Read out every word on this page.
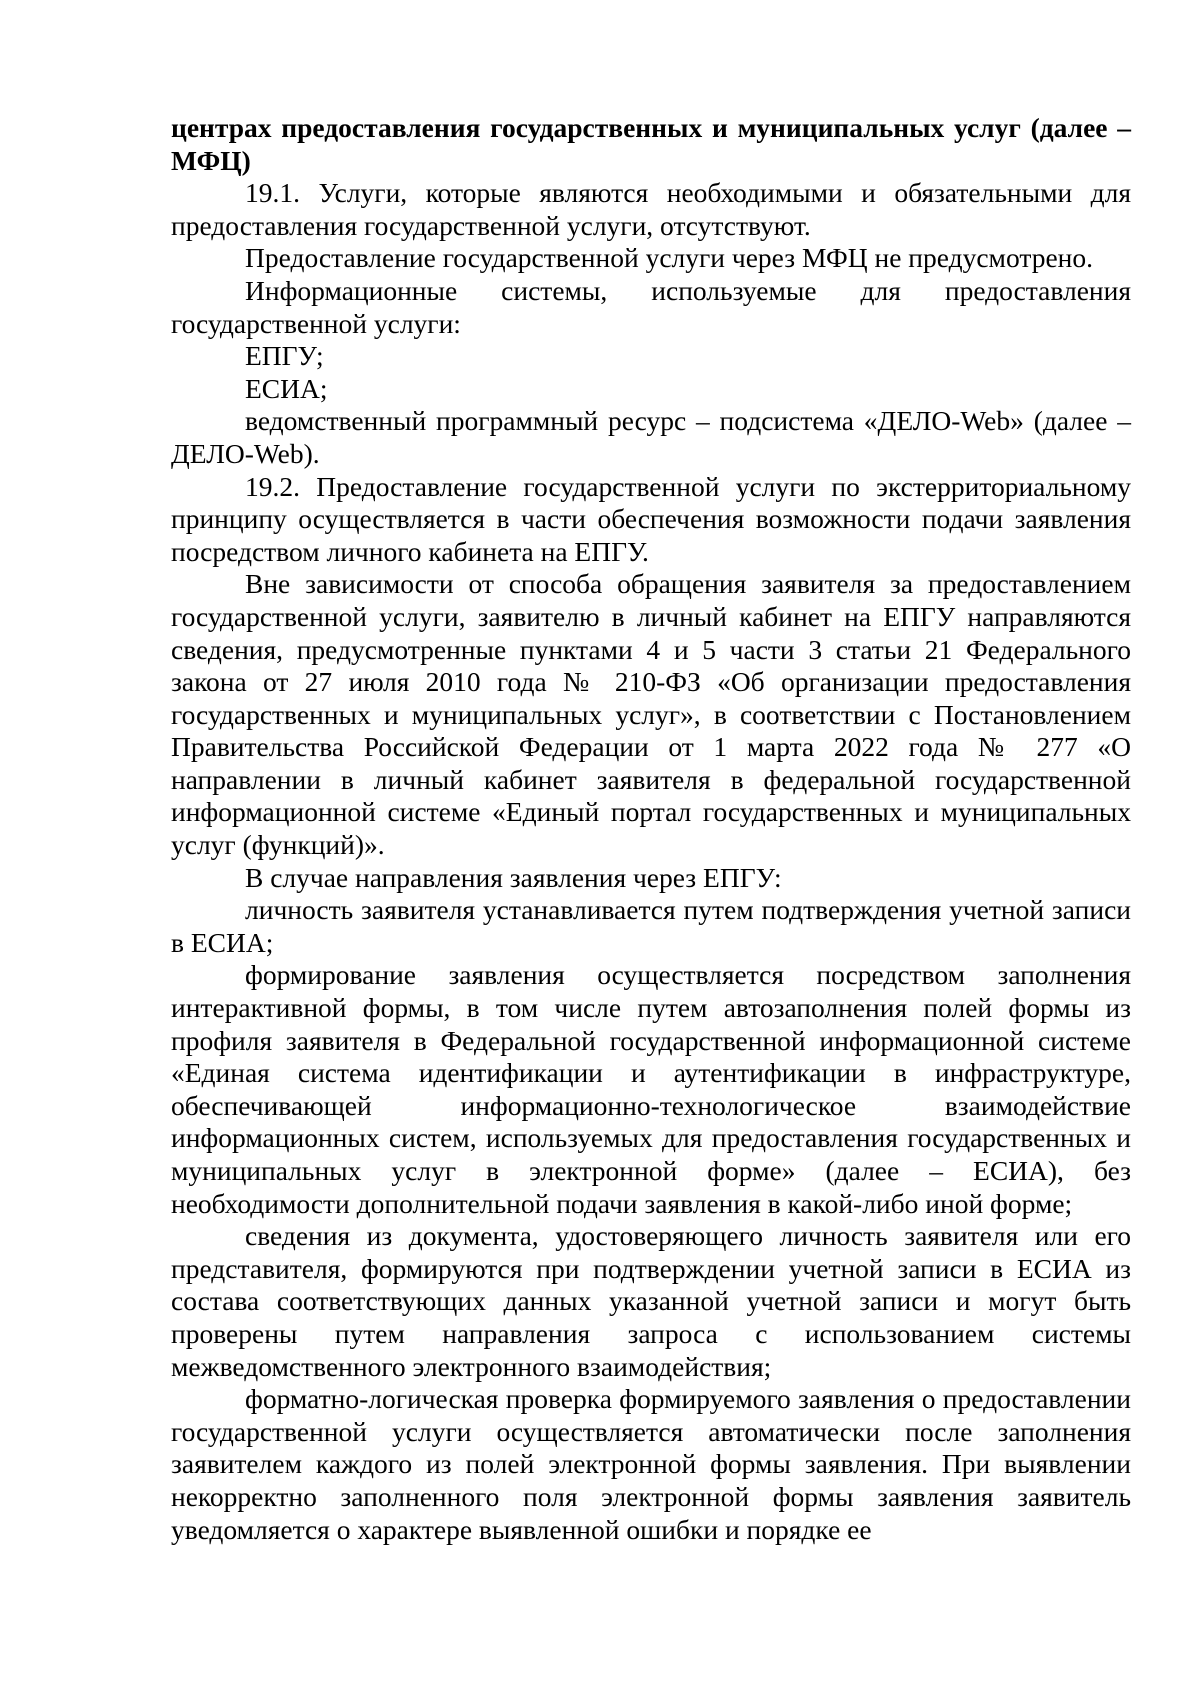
центрах предоставления государственных и муниципальных услуг (далее – МФЦ)

19.1. Услуги, которые являются необходимыми и обязательными для предоставления государственной услуги, отсутствуют.

Предоставление государственной услуги через МФЦ не предусмотрено.

Информационные системы, используемые для предоставления государственной услуги:

ЕПГУ;

ЕСИА;

ведомственный программный ресурс – подсистема «ДЕЛО-Web» (далее – ДЕЛО-Web).

19.2. Предоставление государственной услуги по экстерриториальному принципу осуществляется в части обеспечения возможности подачи заявления посредством личного кабинета на ЕПГУ.

Вне зависимости от способа обращения заявителя за предоставлением государственной услуги, заявителю в личный кабинет на ЕПГУ направляются сведения, предусмотренные пунктами 4 и 5 части 3 статьи 21 Федерального закона от 27 июля 2010 года № 210-ФЗ «Об организации предоставления государственных и муниципальных услуг», в соответствии с Постановлением Правительства Российской Федерации от 1 марта 2022 года № 277 «О направлении в личный кабинет заявителя в федеральной государственной информационной системе «Единый портал государственных и муниципальных услуг (функций)».

В случае направления заявления через ЕПГУ:

личность заявителя устанавливается путем подтверждения учетной записи в ЕСИА;

формирование заявления осуществляется посредством заполнения интерактивной формы, в том числе путем автозаполнения полей формы из профиля заявителя в Федеральной государственной информационной системе «Единая система идентификации и аутентификации в инфраструктуре, обеспечивающей информационно-технологическое взаимодействие информационных систем, используемых для предоставления государственных и муниципальных услуг в электронной форме» (далее – ЕСИА), без необходимости дополнительной подачи заявления в какой-либо иной форме;

сведения из документа, удостоверяющего личность заявителя или его представителя, формируются при подтверждении учетной записи в ЕСИА из состава соответствующих данных указанной учетной записи и могут быть проверены путем направления запроса с использованием системы межведомственного электронного взаимодействия;

форматно-логическая проверка формируемого заявления о предоставлении государственной услуги осуществляется автоматически после заполнения заявителем каждого из полей электронной формы заявления. При выявлении некорректно заполненного поля электронной формы заявления заявитель уведомляется о характере выявленной ошибки и порядке ее
